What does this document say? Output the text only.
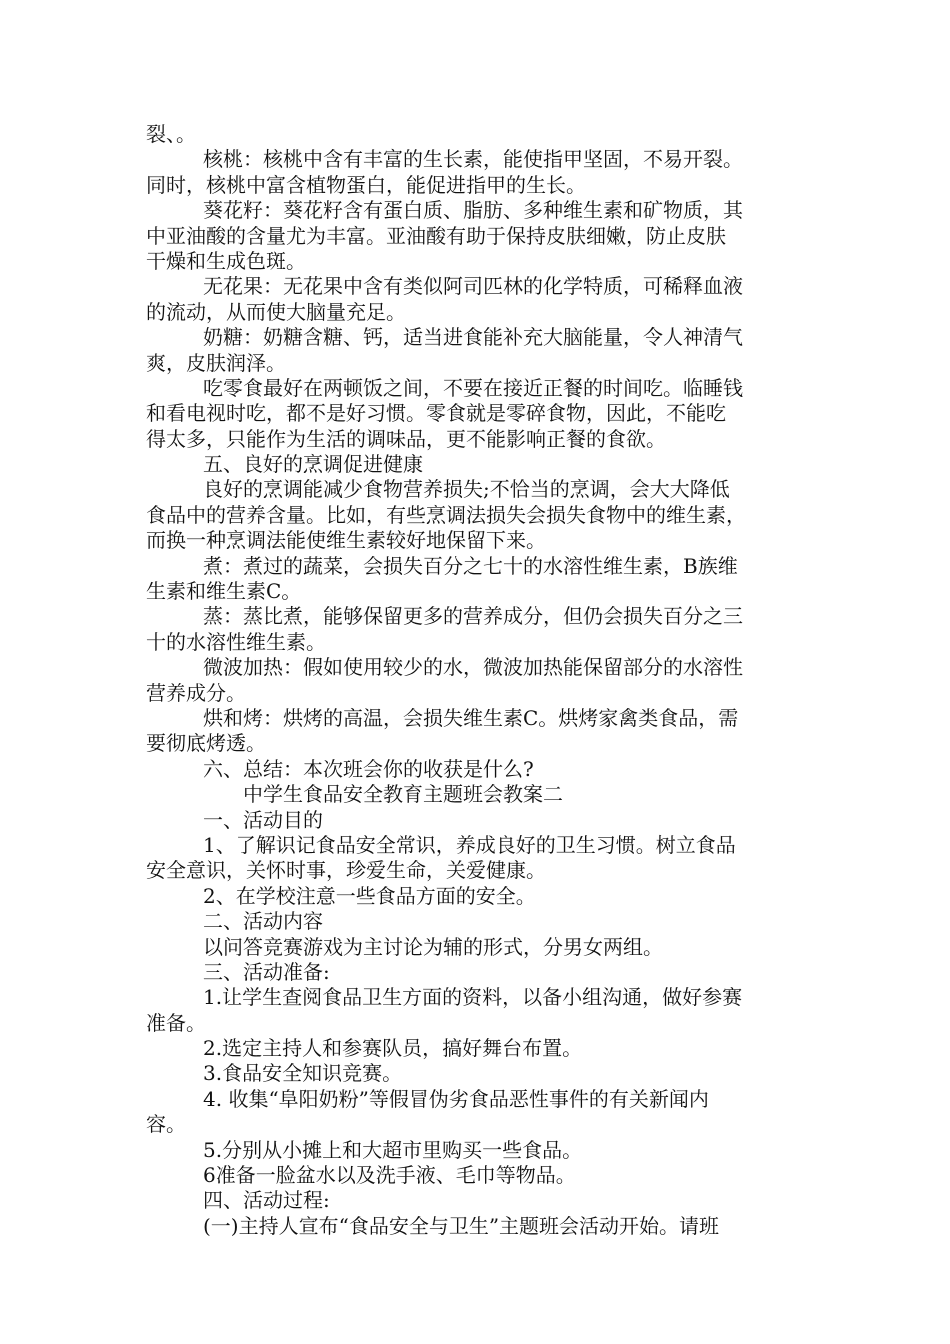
裂、。
核桃：核桃中含有丰富的生长素，能使指甲坚固，不易开裂。
同时，核桃中富含植物蛋白，能促进指甲的生长。
葵花籽：葵花籽含有蛋白质、脂肪、多种维生素和矿物质，其
中亚油酸的含量尤为丰富。亚油酸有助于保持皮肤细嫩，防止皮肤
干燥和生成色斑。
无花果：无花果中含有类似阿司匹林的化学特质，可稀释血液
的流动，从而使大脑量充足。
奶糖：奶糖含糖、钙，适当进食能补充大脑能量，令人神清气
爽，皮肤润泽。
吃零食最好在两顿饭之间，不要在接近正餐的时间吃。临睡钱
和看电视时吃，都不是好习惯。零食就是零碎食物，因此，不能吃
得太多，只能作为生活的调味品，更不能影响正餐的食欲。
五、良好的烹调促进健康
良好的烹调能减少食物营养损失;不恰当的烹调，会大大降低
食品中的营养含量。比如，有些烹调法损失会损失食物中的维生素，
而换一种烹调法能使维生素较好地保留下来。
煮：煮过的蔬菜，会损失百分之七十的水溶性维生素，B族维
生素和维生素C。
蒸：蒸比煮，能够保留更多的营养成分，但仍会损失百分之三
十的水溶性维生素。
微波加热：假如使用较少的水，微波加热能保留部分的水溶性
营养成分。
烘和烤：烘烤的高温，会损失维生素C。烘烤家禽类食品，需
要彻底烤透。
六、总结：本次班会你的收获是什么?
中学生食品安全教育主题班会教案二
一、活动目的
1、了解识记食品安全常识，养成良好的卫生习惯。树立食品
安全意识，关怀时事，珍爱生命，关爱健康。
2、在学校注意一些食品方面的安全。
二、活动内容
以问答竞赛游戏为主讨论为辅的形式，分男女两组。
三、活动准备:
1.让学生查阅食品卫生方面的资料，以备小组沟通，做好参赛
准备。
2.选定主持人和参赛队员，搞好舞台布置。
3.食品安全知识竞赛。
4. 收集“阜阳奶粉”等假冒伪劣食品恶性事件的有关新闻内
容。
5.分别从小摊上和大超市里购买一些食品。
6准备一脸盆水以及洗手液、毛巾等物品。
四、活动过程:
(一)主持人宣布“食品安全与卫生”主题班会活动开始。请班
